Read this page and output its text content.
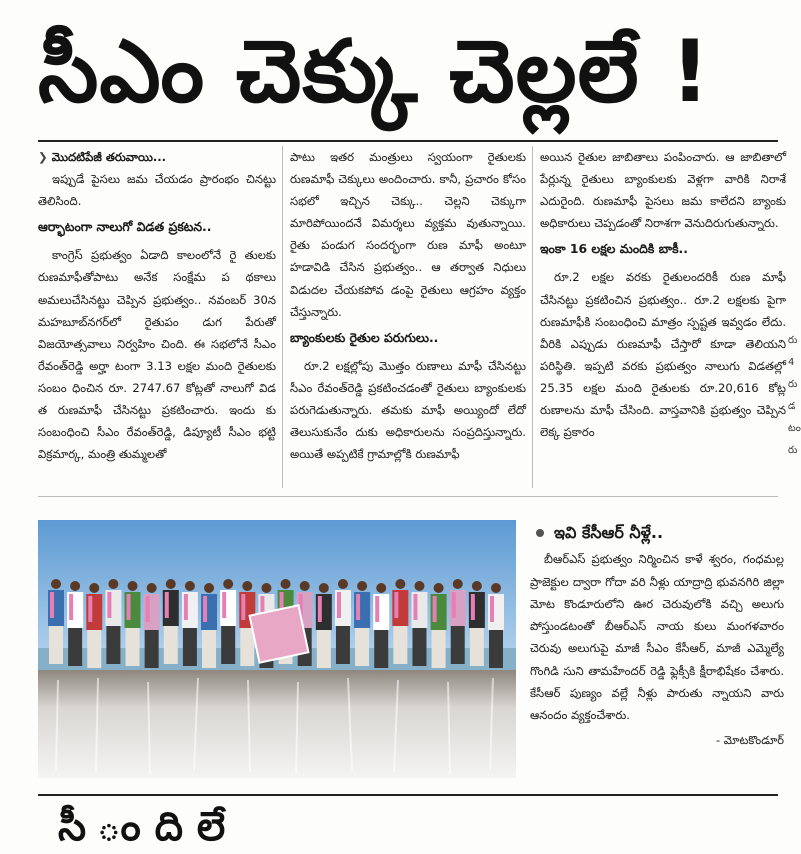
సీఎం చెక్కు చెల్లలే !

❯ మొదటిపేజీ తరువాయి...

ఇప్పుడే పైసలు జమ చేయడం ప్రారంభం చినట్టు తెలిసింది.

ఆర్భాటంగా నాలుగో విడత ప్రకటన..

కాంగ్రెస్ ప్రభుత్వం ఏడాది కాలంలోనే రై తులకు రుణమాఫీతోపాటు అనేక సంక్షేమ ప థకాలు అమలుచేసినట్టు చెప్పిన ప్రభుత్వం.. నవంబర్ 30న మహబూబ్‌నగర్‌లో రైతుపం డుగ పేరుతో విజయోత్సవాలు నిర్వహిం చింది. ఈ సభలోనే సీఎం రేవంత్‌రెడ్డి అర్హా టంగా 3.13 లక్షల మంది రైతులకు సంబం ధించిన రూ. 2747.67 కోట్లతో నాలుగో విడ త రుణమాఫీ చేసినట్టు ప్రకటించారు. ఇందు కు సంబంధించి సీఎం రేవంత్‌రెడ్డి, డిప్యూటీ సీఎం భట్టి విక్రమార్క, మంత్రి తుమ్మలతో

పాటు ఇతర మంత్రులు స్వయంగా రైతులకు రుణమాఫీ చెక్కులు అందించారు. కానీ, ప్రచారం కోసం సభలో ఇచ్చిన చెక్కు.. చెల్లని చెక్కుగా మారిపోయిందనే విమర్శలు వ్యక్తమ వుతున్నాయి. రైతు పండుగ సందర్భంగా రుణ మాఫీ అంటూ హడావిడి చేసిన ప్రభుత్వం.. ఆ తర్వాత నిధులు విడుదల చేయకపోవ డంపై రైతులు ఆగ్రహం వ్యక్తం చేస్తున్నారు.

బ్యాంకులకు రైతుల పరుగులు..

రూ.2 లక్షల్లోపు మొత్తం రుణాలు మాఫీ చేసినట్టు సీఎం రేవంత్‌రెడ్డి ప్రకటించడంతో రైతులు బ్యాంకులకు పరుగెడుతున్నారు. తమకు మాఫీ అయ్యిందో లేదో తెలుసుకునేం దుకు అధికారులను సంప్రదిస్తున్నారు. అయితే అప్పటికే గ్రామాల్లోకి రుణమాఫీ

అయిన రైతుల జాబితాలు పంపించారు. ఆ జాబితాలో పేర్లున్న రైతులు బ్యాంకులకు వెళ్లగా వారికి నిరాశే ఎదురైంది. రుణమాఫీ పైసలు జమ కాలేదని బ్యాంకు అధికారులు చెప్పడంతో నిరాశగా వెనుదిరుగుతున్నారు.

ఇంకా 16 లక్షల మందికి బాకీ..

రూ.2 లక్షల వరకు రైతులందరికీ రుణ మాఫీ చేసినట్టు ప్రకటించిన ప్రభుత్వం.. రూ.2 లక్షలకు పైగా రుణమాఫీకి సంబంధించి మాత్రం స్పష్టత ఇవ్వడం లేదు. వీరికి ఎప్పుడు రుణమాఫీ చేస్తారో కూడా తెలియని పరిస్థితి. ఇప్పటి వరకు ప్రభుత్వం నాలుగు విడతల్లో 25.35 లక్షల మంది రైతులకు రూ.20,616 కోట్ల రుణాలను మాఫీ చేసింది. వాస్తవానికి ప్రభుత్వం చెప్పిన లెక్క ప్రకారం

రు
4
రు
డ
టం
రు
ఇవి కేసీఆర్ నీళ్లే..

బీఆర్ఎస్ ప్రభుత్వం నిర్మించిన కాళే శ్వరం, గంధమల్ల ప్రాజెక్టుల ద్వారా గోదా వరి నీళ్లు యాద్రాద్రి భువనగిరి జిల్లా మోట కొండూరులోని ఊర చెరువులోకి వచ్చి అలుగు పోస్తుండటంతో బీఆర్ఎస్ నాయ కులు మంగళవారం చెరువు అలుగుపై మాజీ సీఎం కేసీఆర్, మాజీ ఎమ్మెల్యే గొంగిడి సుని తామహేందర్ రెడ్డి ఫ్లెక్సీకి క్షీరాభిషేకం చేశారు. కేసీఆర్ పుణ్యం వల్లే నీళ్లు పారుతు న్నాయని వారు ఆనందం వ్యక్తంచేశారు.

- మోటకొండూర్
సీ ం ది లే
